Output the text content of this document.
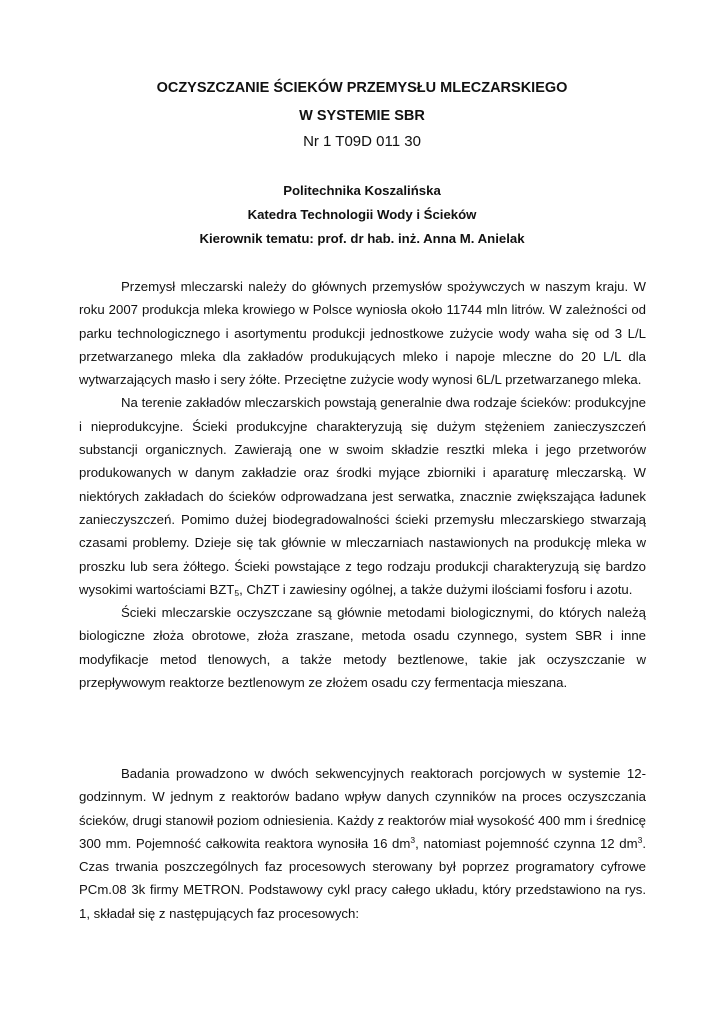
OCZYSZCZANIE ŚCIEKÓW PRZEMYSŁU MLECZARSKIEGO
W SYSTEMIE SBR
Nr 1 T09D 011 30
Politechnika Koszalińska
Katedra Technologii Wody i Ścieków
Kierownik tematu: prof. dr hab. inż. Anna M. Anielak

Przemysł mleczarski należy do głównych przemysłów spożywczych w naszym kraju. W roku 2007 produkcja mleka krowiego w Polsce wyniosła około 11744 mln litrów. W zależności od parku technologicznego i asortymentu produkcji jednostkowe zużycie wody waha się od 3 L/L przetwarzanego mleka dla zakładów produkujących mleko i napoje mleczne do 20 L/L dla wytwarzających masło i sery żółte. Przeciętne zużycie wody wynosi 6L/L przetwarzanego mleka.

Na terenie zakładów mleczarskich powstają generalnie dwa rodzaje ścieków: produkcyjne i nieprodukcyjne. Ścieki produkcyjne charakteryzują się dużym stężeniem zanieczyszczeń substancji organicznych. Zawierają one w swoim składzie resztki mleka i jego przetworów produkowanych w danym zakładzie oraz środki myjące zbiorniki i aparaturę mleczarską. W niektórych zakładach do ścieków odprowadzana jest serwatka, znacznie zwiększająca ładunek zanieczyszczeń. Pomimo dużej biodegradowalności ścieki przemysłu mleczarskiego stwarzają czasami problemy. Dzieje się tak głównie w mleczarniach nastawionych na produkcję mleka w proszku lub sera żółtego. Ścieki powstające z tego rodzaju produkcji charakteryzują się bardzo wysokimi wartościami $BZT_5$, ChZT i zawiesiny ogólnej, a także dużymi ilościami fosforu i azotu.

Ścieki mleczarskie oczyszczane są głównie metodami biologicznymi, do których należą biologiczne złoża obrotowe, złoża zraszane, metoda osadu czynnego, system SBR i inne modyfikacje metod tlenowych, a także metody beztlenowe, takie jak oczyszczanie w przepływowym reaktorze beztlenowym ze złożem osadu czy fermentacja mieszana.

Badania prowadzono w dwóch sekwencyjnych reaktorach porcjowych w systemie 12-godzinnym. W jednym z reaktorów badano wpływ danych czynników na proces oczyszczania ścieków, drugi stanowił poziom odniesienia. Każdy z reaktorów miał wysokość 400 mm i średnicę 300 mm. Pojemność całkowita reaktora wynosiła 16 $dm^3$, natomiast pojemność czynna 12 $dm^3$. Czas trwania poszczególnych faz procesowych sterowany był poprzez programatory cyfrowe PCm.08 3k firmy METRON. Podstawowy cykl pracy całego układu, który przedstawiono na rys. 1, składał się z następujących faz procesowych:
